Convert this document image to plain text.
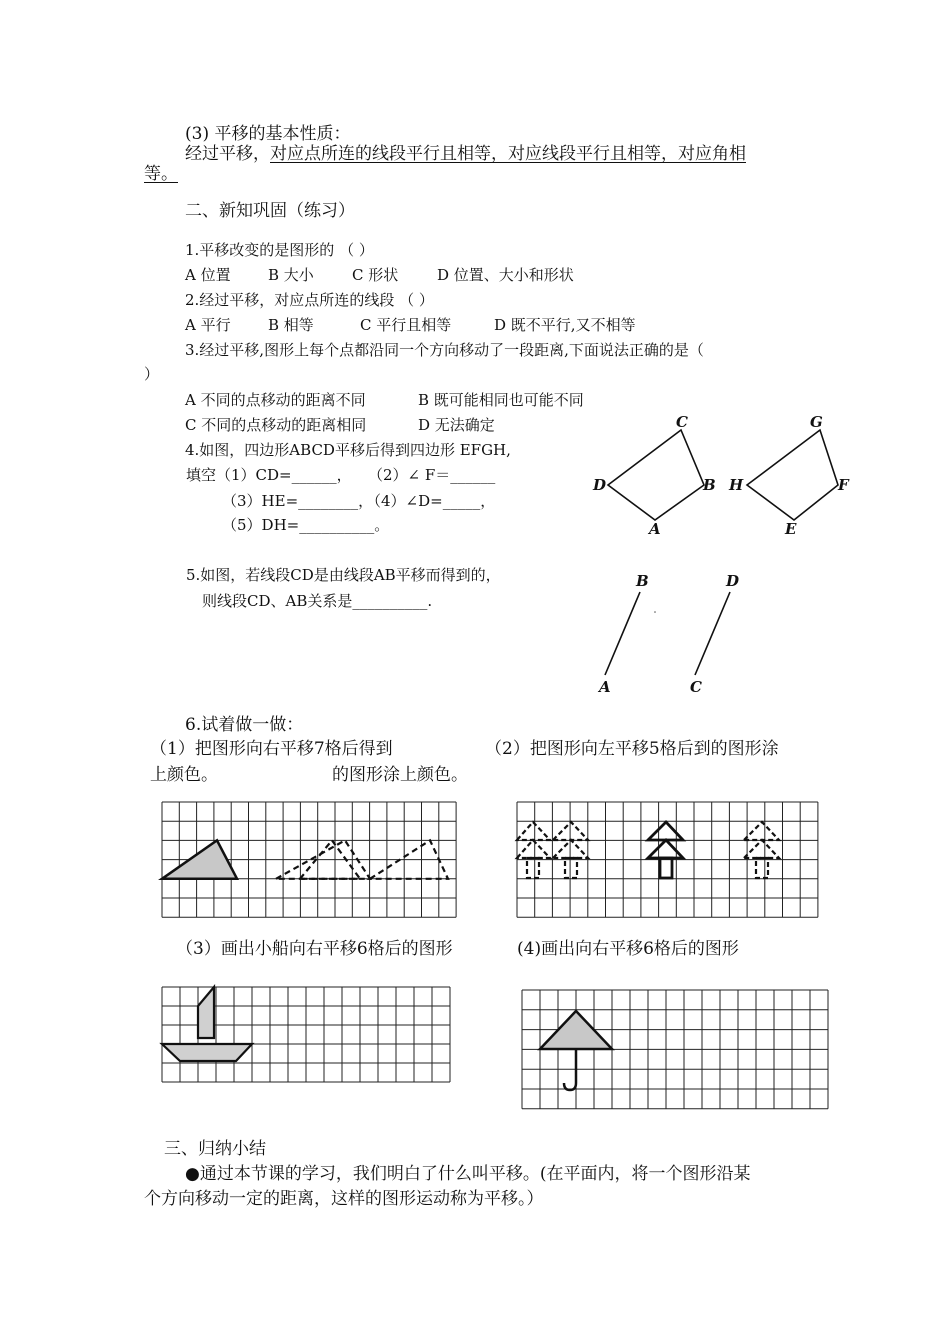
(3) 平移的基本性质：
经过平移，对应点所连的线段平行且相等，对应线段平行且相等，对应角相
等。
二、新知巩固（练习）
1.平移改变的是图形的 （ ）
A 位置 B 大小	C 形状	D 位置、大小和形状
2.经过平移，对应点所连的线段 （ ）
A 平行 B 相等	C 平行且相等	D 既不平行,又不相等
3.经过平移,图形上每个点都沿同一个方向移动了一段距离,下面说法正确的是（
）
A 不同的点移动的距离不同	B 既可能相同也可能不同
C 不同的点移动的距离相同	D 无法确定
4.如图，四边形ABCD平移后得到四边形 EFGH,
填空（1）CD=______， （2）∠ F＝______
（3）HE=________，
（4）∠D=_____，
（5）DH=__________。
C
D	B
A
G
H	F
E
5.如图，若线段CD是由线段AB平移而得到的，
则线段CD、AB关系是__________.
B
A
D
C
6.试着做一做：
（1）把图形向右平移7格后得到	（2）把图形向左平移5格后到的图形涂
上颜色。	的图形涂上颜色。
（3）画出小船向右平移6格后的图形	(4)画出向右平移6格后的图形
三、归纳小结
●通过本节课的学习，我们明白了什么叫平移。(在平面内，将一个图形沿某
个方向移动一定的距离，这样的图形运动称为平移。）
